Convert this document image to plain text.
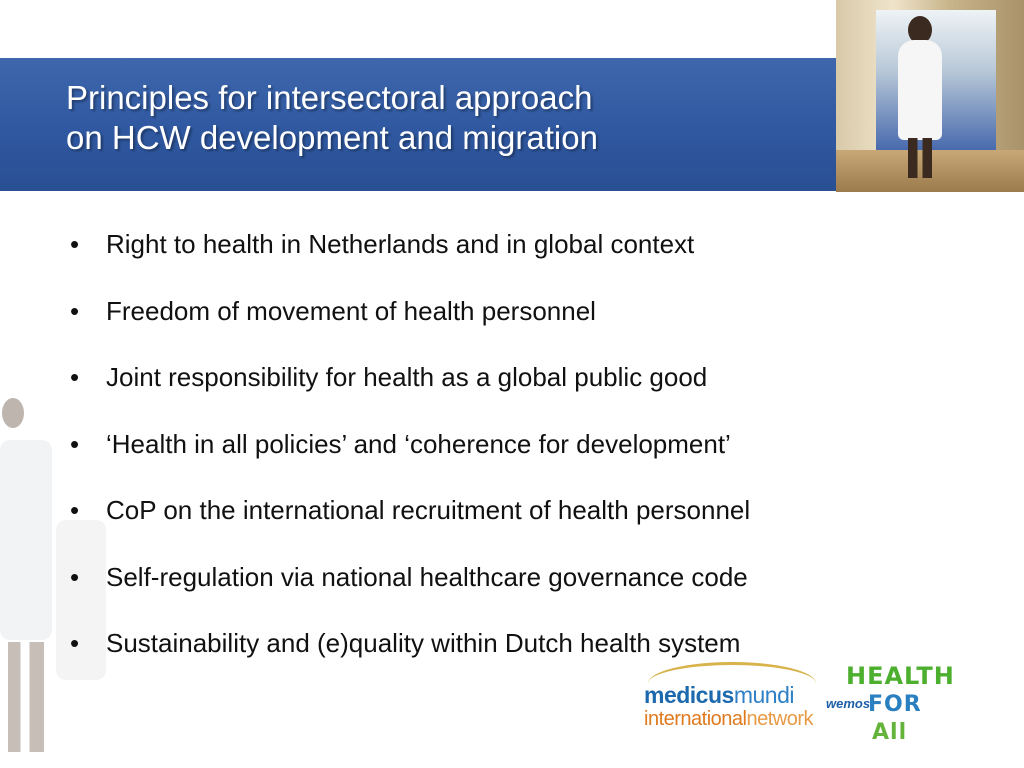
Principles for intersectoral approach
on HCW development and migration
• Right to health in Netherlands and in global context
• Freedom of movement of health personnel
• Joint responsibility for health as a global public good
• ‘Health in all policies’ and ‘coherence for development’
• CoP on the international recruitment of health personnel
• Self-regulation via national healthcare governance code
• Sustainability and (e)quality within Dutch health system
medicusmundi
internationalnetwork
wemos
HEALTH
FOR
All
